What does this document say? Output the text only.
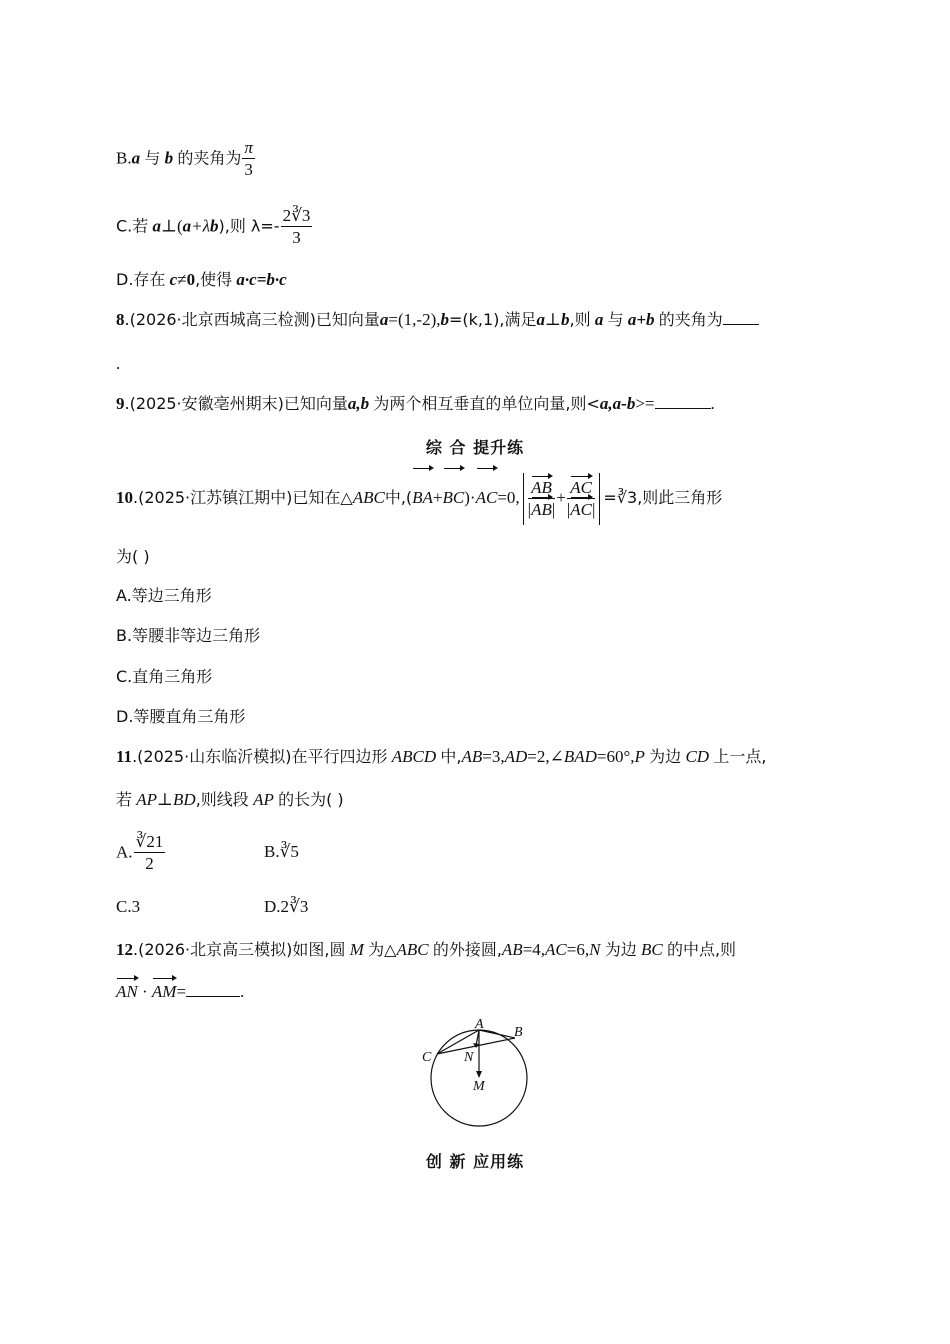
B.a 与 b 的夹角为 $\frac{\pi}{3}$
C.若 a⊥(a+λb),则 $\lambda=- \frac{2∛3}{3}$
D.存在 c≠0,使得 a·c=b·c
8.(2026·北京西城高三检测)已知向量a=(1,-2),b=(k,1),满足a⊥b,则 a 与 a+b 的夹角为
.
9.(2025·安徽亳州期末)已知向量a,b 为两个相互垂直的单位向量,则<a,a-b>=	.
综 合 提升练
10.(2025·江苏镇江期中)已知在△ABC中,(BA+BC)·AC=0, $\frac{AB}{|AB|} + \frac{AC}{|AC|}$ =∛3,则此三角形
为( )
A.等边三角形
B.等腰非等边三角形
C.直角三角形
D.等腰直角三角形
11.(2025·山东临沂模拟)在平行四边形 ABCD 中,AB=3,AD=2,∠BAD=60°,P 为边 CD 上一点,
若 AP⊥BD,则线段 AP 的长为( )
A. $\frac{∛21}{2}$	B.∛5
C.3	D.2∛3
12.(2026·北京高三模拟)如图,圆 M 为△ABC 的外接圆,AB=4,AC=6,N 为边 BC 的中点,则
AN · AM=	.
A
B
C N
M
创 新 应用练
